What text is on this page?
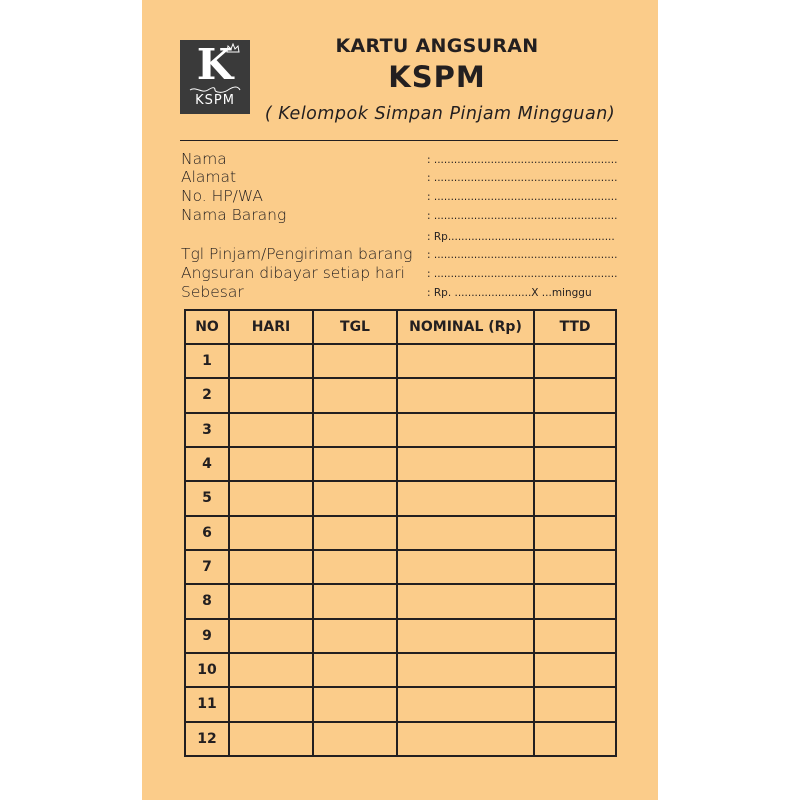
K
KSPM
KARTU ANGSURAN
KSPM
( Kelompok Simpan Pinjam Mingguan)
Nama	: .......................................................
Alamat	: .......................................................
No. HP/WA	: .......................................................
Nama Barang	: .......................................................
: Rp..................................................
Tgl Pinjam/Pengiriman barang : .......................................................
Angsuran dibayar setiap hari : .......................................................
Sebesar	: Rp. .......................X ...minggu
NO	HARI	TGL	NOMINAL (Rp)	TTD
1				
2				
3				
4				
5				
6				
7				
8				
9				
10				
11				
12				
